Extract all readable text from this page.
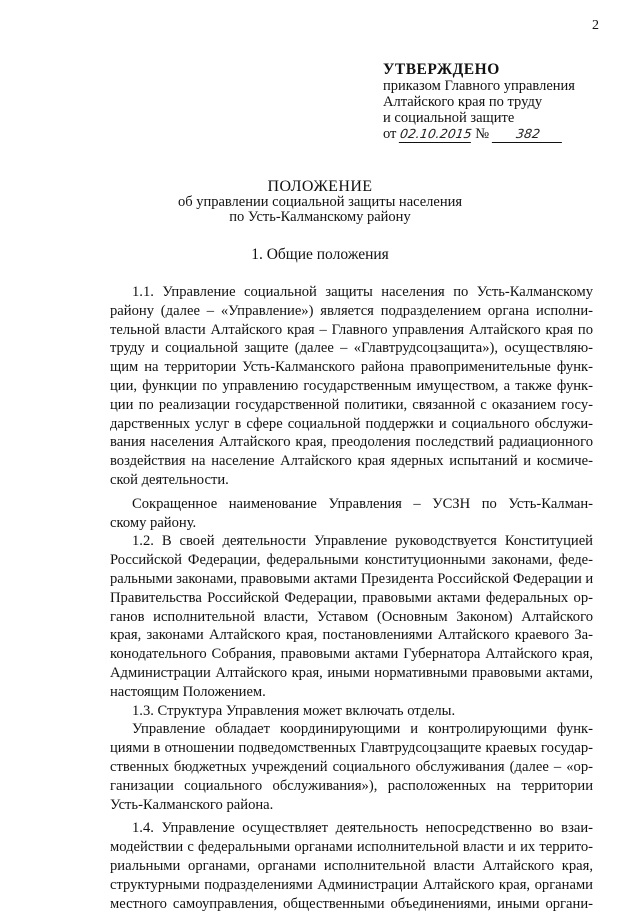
2
УТВЕРЖДЕНО
приказом Главного управления
Алтайского края по труду
и социальной защите
от 02.10.2015 № 382
ПОЛОЖЕНИЕ
об управлении социальной защиты населения
по Усть-Калманскому району
1. Общие положения
1.1. Управление социальной защиты населения по Усть-Калманскому
району (далее – «Управление») является подразделением органа исполни-
тельной власти Алтайского края – Главного управления Алтайского края по
труду и социальной защите (далее – «Главтрудсоцзащита»), осуществляю-
щим на территории Усть-Калманского района правоприменительные функ-
ции, функции по управлению государственным имуществом, а также функ-
ции по реализации государственной политики, связанной с оказанием госу-
дарственных услуг в сфере социальной поддержки и социального обслужи-
вания населения Алтайского края, преодоления последствий радиационного
воздействия на население Алтайского края ядерных испытаний и космиче-
ской деятельности.
Сокращенное наименование Управления – УСЗН по Усть-Калман-
скому району.
1.2. В своей деятельности Управление руководствуется Конституцией
Российской Федерации, федеральными конституционными законами, феде-
ральными законами, правовыми актами Президента Российской Федерации и
Правительства Российской Федерации, правовыми актами федеральных ор-
ганов исполнительной власти, Уставом (Основным Законом) Алтайского
края, законами Алтайского края, постановлениями Алтайского краевого За-
конодательного Собрания, правовыми актами Губернатора Алтайского края,
Администрации Алтайского края, иными нормативными правовыми актами,
настоящим Положением.
1.3. Структура Управления может включать отделы.
Управление обладает координирующими и контролирующими функ-
циями в отношении подведомственных Главтрудсоцзащите краевых государ-
ственных бюджетных учреждений социального обслуживания (далее – «ор-
ганизации социального обслуживания»), расположенных на территории
Усть-Калманского района.
1.4. Управление осуществляет деятельность непосредственно во взаи-
модействии с федеральными органами исполнительной власти и их террито-
риальными органами, органами исполнительной власти Алтайского края,
структурными подразделениями Администрации Алтайского края, органами
местного самоуправления, общественными объединениями, иными органи-
